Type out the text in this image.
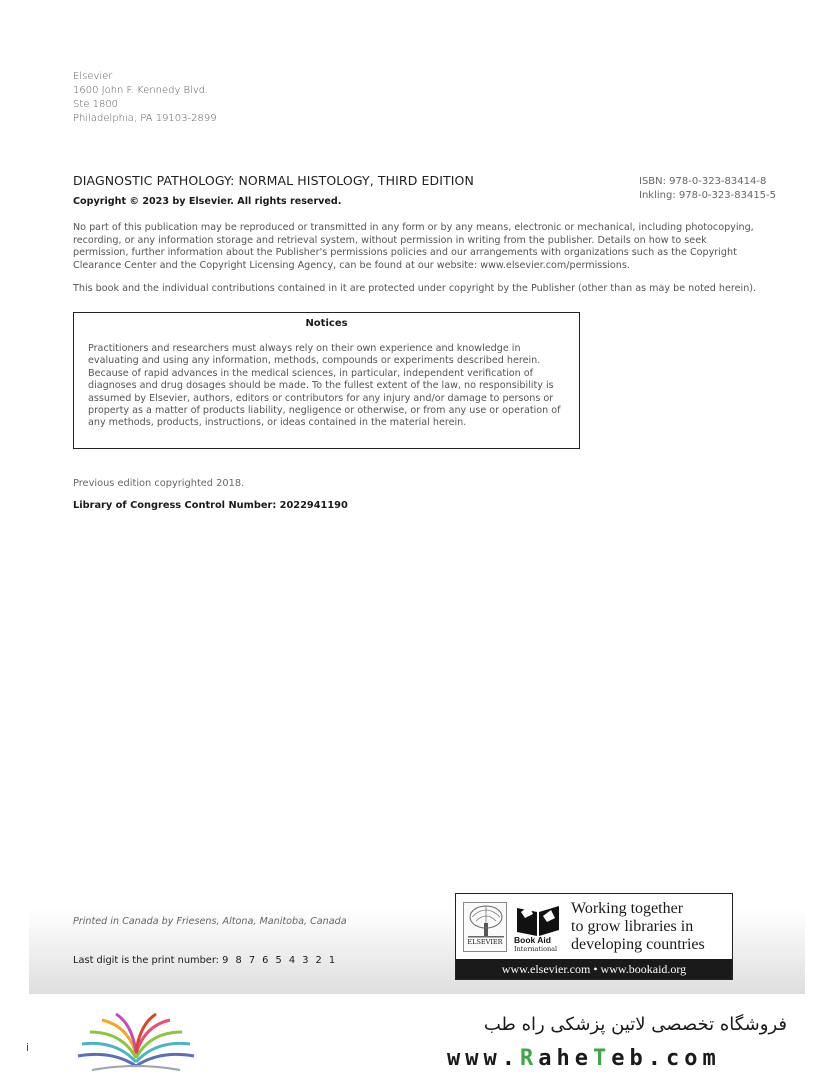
Elsevier
1600 John F. Kennedy Blvd.
Ste 1800
Philadelphia, PA 19103-2899
DIAGNOSTIC PATHOLOGY: NORMAL HISTOLOGY, THIRD EDITION	ISBN: 978-0-323-83414-8
Inkling: 978-0-323-83415-5
Copyright © 2023 by Elsevier. All rights reserved.
No part of this publication may be reproduced or transmitted in any form or by any means, electronic or mechanical, including photocopying, recording, or any information storage and retrieval system, without permission in writing from the publisher. Details on how to seek permission, further information about the Publisher's permissions policies and our arrangements with organizations such as the Copyright Clearance Center and the Copyright Licensing Agency, can be found at our website: www.elsevier.com/permissions.
This book and the individual contributions contained in it are protected under copyright by the Publisher (other than as may be noted herein).
Notices
Practitioners and researchers must always rely on their own experience and knowledge in evaluating and using any information, methods, compounds or experiments described herein. Because of rapid advances in the medical sciences, in particular, independent verification of diagnoses and drug dosages should be made. To the fullest extent of the law, no responsibility is assumed by Elsevier, authors, editors or contributors for any injury and/or damage to persons or property as a matter of products liability, negligence or otherwise, or from any use or operation of any methods, products, instructions, or ideas contained in the material herein.
Previous edition copyrighted 2018.
Library of Congress Control Number: 2022941190
Printed in Canada by Friesens, Altona, Manitoba, Canada
Last digit is the print number: 9 8 7 6 5 4 3 2 1
ELSEVIER	Book Aid
International
Working together
to grow libraries in
developing countries
www.elsevier.com • www.bookaid.org
i
فروشگاه تخصصی لاتین پزشکی راه طب
www.RaheTeb.com
